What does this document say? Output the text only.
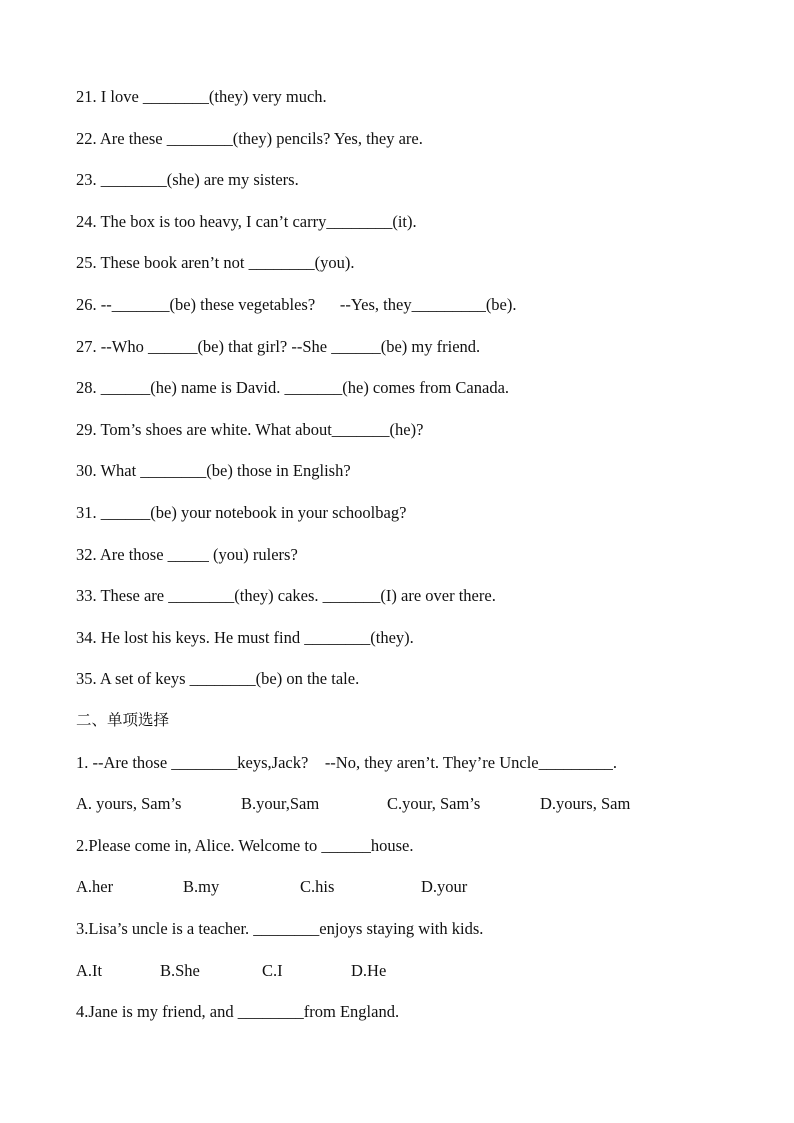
21. I love ________(they) very much.
22. Are these ________(they) pencils? Yes, they are.
23. ________(she) are my sisters.
24. The box is too heavy, I can’t carry________(it).
25. These book aren’t not ________(you).
26. --_______(be) these vegetables?      --Yes, they_________(be).
27. --Who ______(be) that girl? --She ______(be) my friend.
28. ______(he) name is David. _______(he) comes from Canada.
29. Tom’s shoes are white. What about_______(he)?
30. What ________(be) those in English?
31. ______(be) your notebook in your schoolbag?
32. Are those _____ (you) rulers?
33. These are ________(they) cakes. _______(I) are over there.
34. He lost his keys. He must find ________(they).
35. A set of keys ________(be) on the tale.
二、单项选择
1. --Are those ________keys,Jack?    --No, they aren’t. They’re Uncle_________.
A. yours, Sam’s	B.your,Sam	C.your, Sam’s	D.yours, Sam
2.Please come in, Alice. Welcome to ______house.
A.her	B.my	C.his	D.your
3.Lisa’s uncle is a teacher. ________enjoys staying with kids.
A.It	B.She	C.I	D.He
4.Jane is my friend, and ________from England.
